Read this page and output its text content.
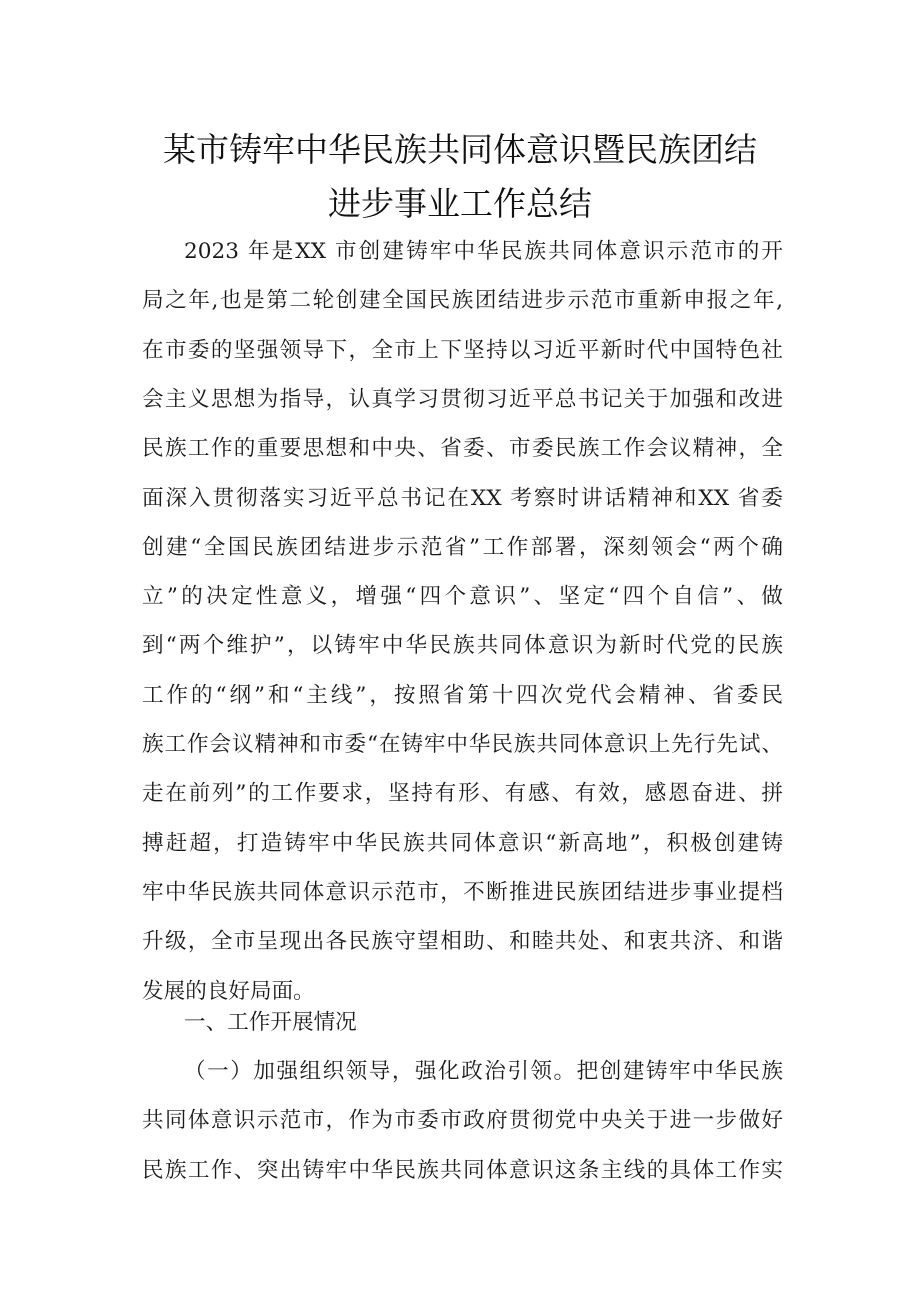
某市铸牢中华民族共同体意识暨民族团结
进步事业工作总结
2023 年是XX 市创建铸牢中华民族共同体意识示范市的开
局之年,也是第二轮创建全国民族团结进步示范市重新申报之年,
在市委的坚强领导下，全市上下坚持以习近平新时代中国特色社
会主义思想为指导，认真学习贯彻习近平总书记关于加强和改进
民族工作的重要思想和中央、省委、市委民族工作会议精神，全
面深入贯彻落实习近平总书记在XX 考察时讲话精神和XX 省委
创建“全国民族团结进步示范省”工作部署，深刻领会“两个确
立”的决定性意义，增强“四个意识”、坚定“四个自信”、做
到“两个维护”，以铸牢中华民族共同体意识为新时代党的民族
工作的“纲”和“主线”，按照省第十四次党代会精神、省委民
族工作会议精神和市委“在铸牢中华民族共同体意识上先行先试、
走在前列”的工作要求，坚持有形、有感、有效，感恩奋进、拼
搏赶超，打造铸牢中华民族共同体意识“新高地”，积极创建铸
牢中华民族共同体意识示范市，不断推进民族团结进步事业提档
升级，全市呈现出各民族守望相助、和睦共处、和衷共济、和谐
发展的良好局面。
一、工作开展情况
（一）加强组织领导，强化政治引领。把创建铸牢中华民族
共同体意识示范市，作为市委市政府贯彻党中央关于进一步做好
民族工作、突出铸牢中华民族共同体意识这条主线的具体工作实
